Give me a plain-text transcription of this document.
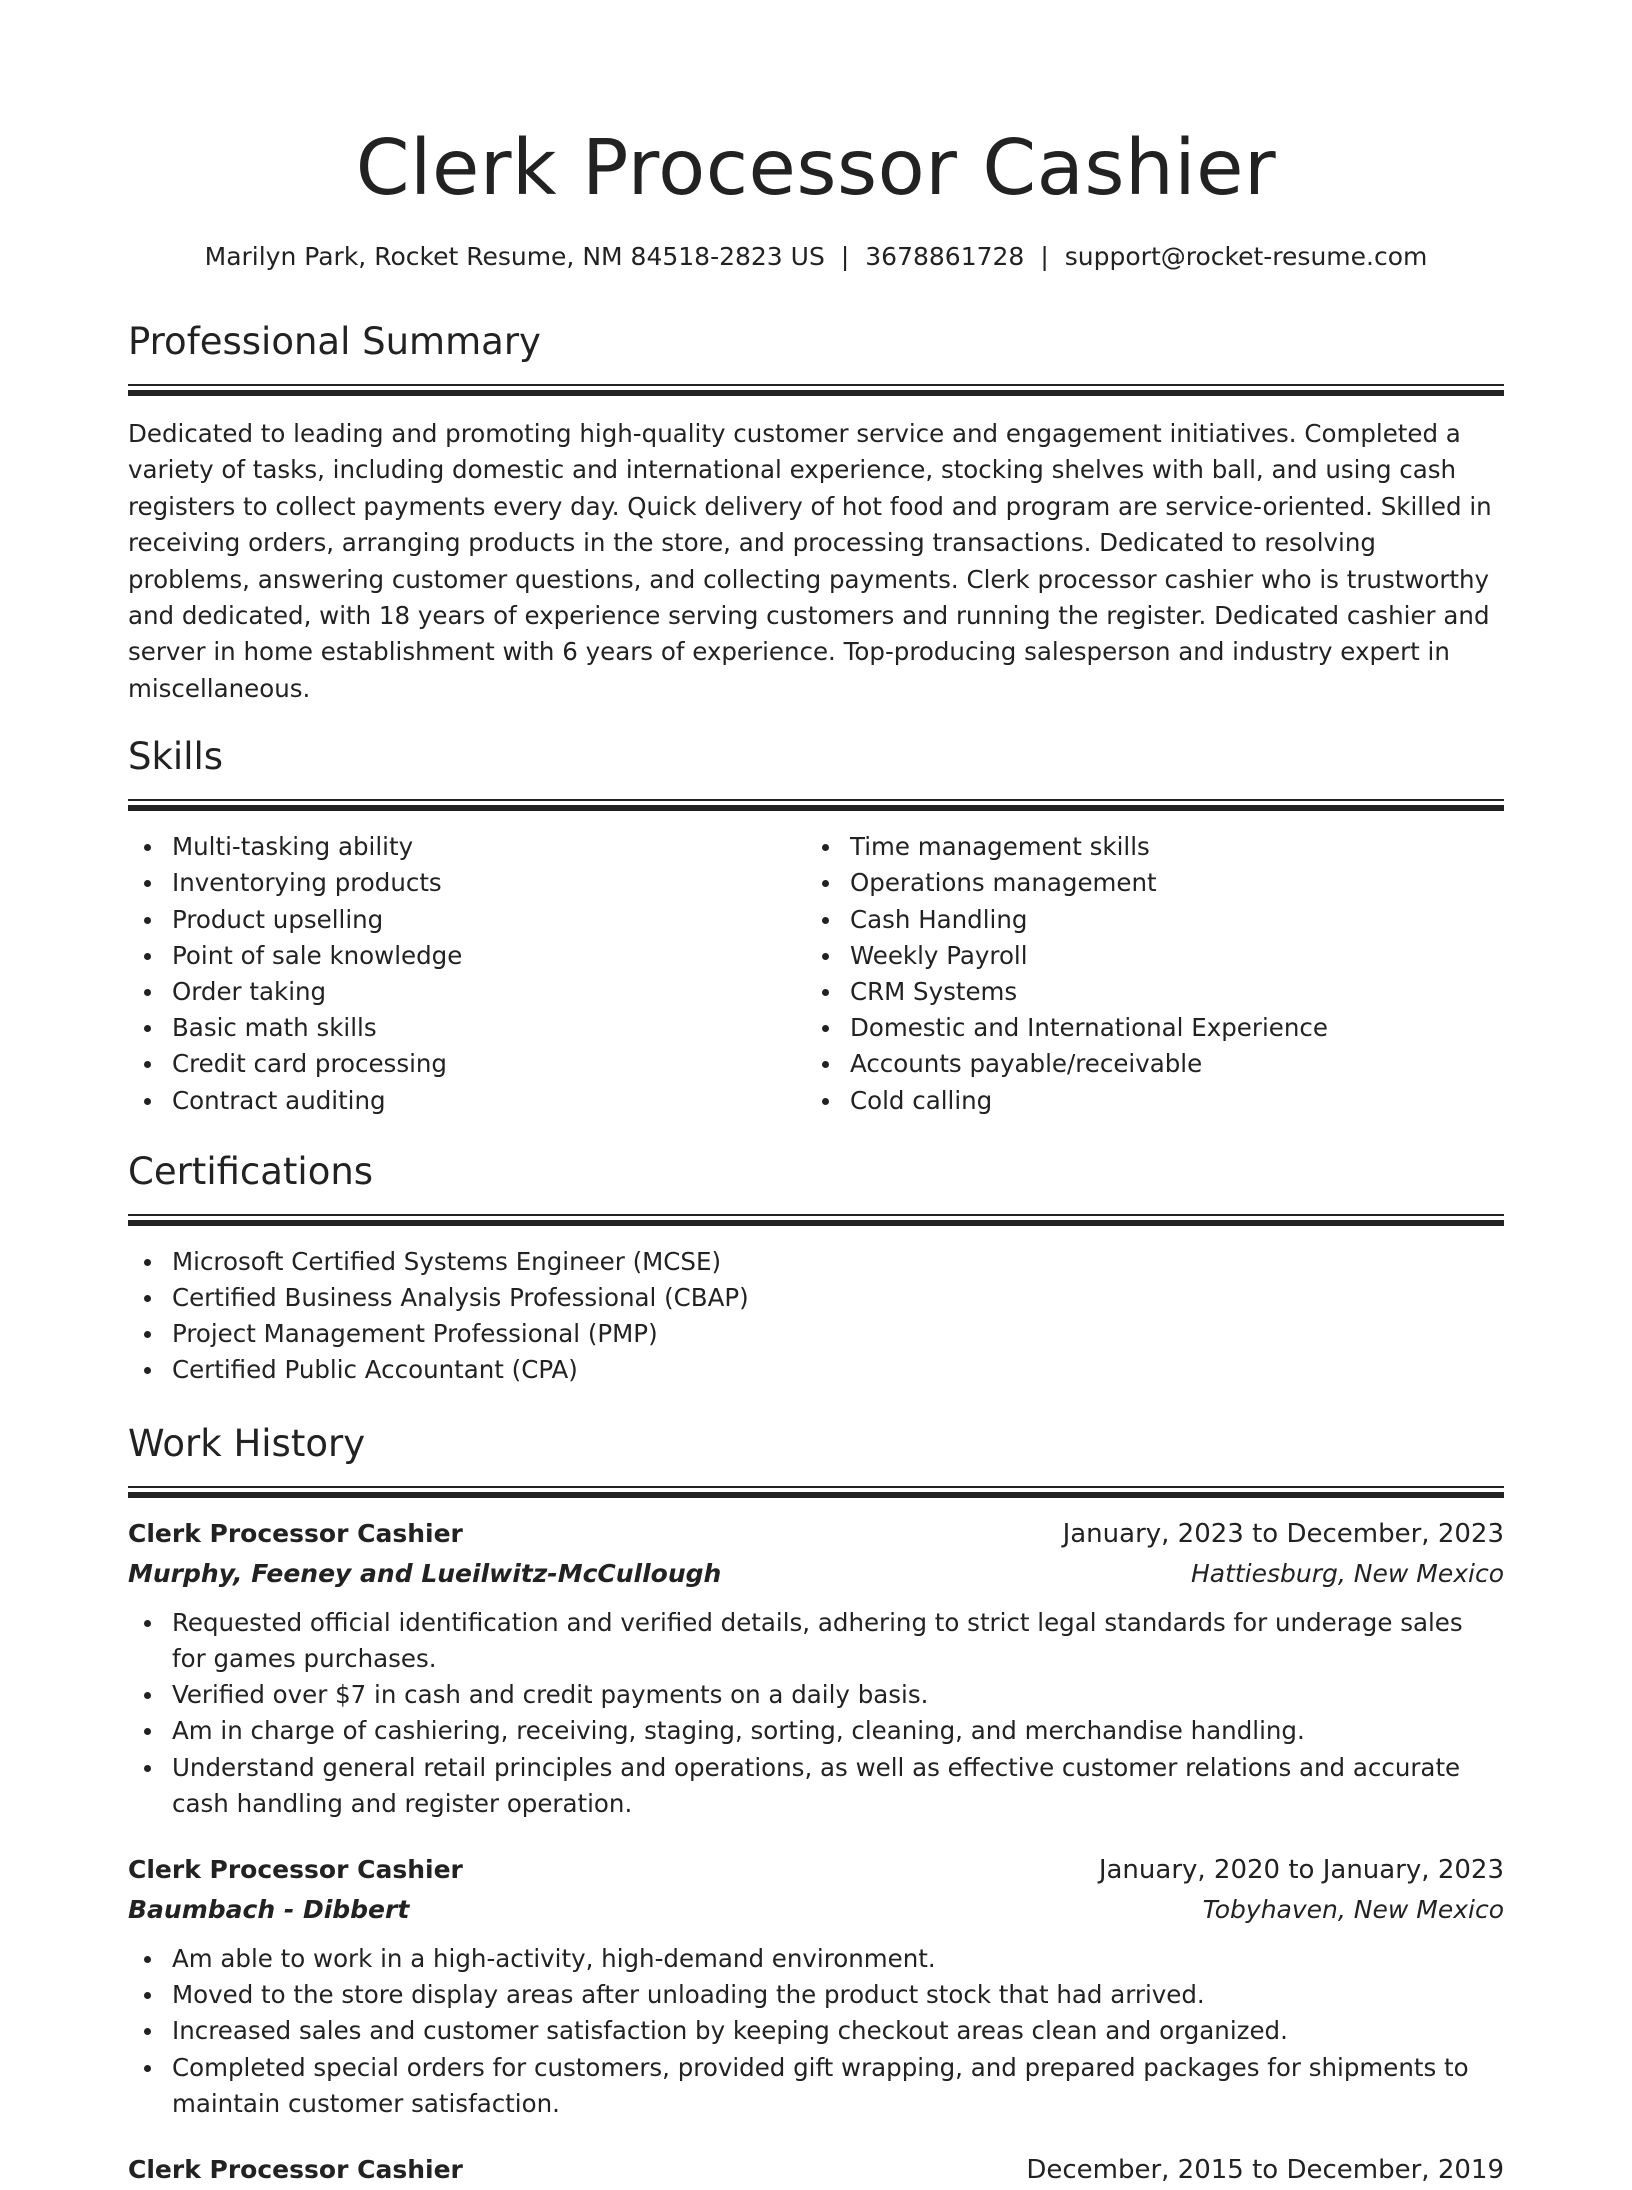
Clerk Processor Cashier
Marilyn Park, Rocket Resume, NM 84518-2823 US | 3678861728 | support@rocket-resume.com
Professional Summary
Dedicated to leading and promoting high-quality customer service and engagement initiatives. Completed a variety of tasks, including domestic and international experience, stocking shelves with ball, and using cash registers to collect payments every day. Quick delivery of hot food and program are service-oriented. Skilled in receiving orders, arranging products in the store, and processing transactions. Dedicated to resolving problems, answering customer questions, and collecting payments. Clerk processor cashier who is trustworthy and dedicated, with 18 years of experience serving customers and running the register. Dedicated cashier and server in home establishment with 6 years of experience. Top-producing salesperson and industry expert in miscellaneous.
Skills
Multi-tasking ability
Inventorying products
Product upselling
Point of sale knowledge
Order taking
Basic math skills
Credit card processing
Contract auditing
Time management skills
Operations management
Cash Handling
Weekly Payroll
CRM Systems
Domestic and International Experience
Accounts payable/receivable
Cold calling
Certifications
Microsoft Certified Systems Engineer (MCSE)
Certified Business Analysis Professional (CBAP)
Project Management Professional (PMP)
Certified Public Accountant (CPA)
Work History
Clerk Processor Cashier	January, 2023 to December, 2023
Murphy, Feeney and Lueilwitz-McCullough	Hattiesburg, New Mexico
Requested official identification and verified details, adhering to strict legal standards for underage sales for games purchases.
Verified over $7 in cash and credit payments on a daily basis.
Am in charge of cashiering, receiving, staging, sorting, cleaning, and merchandise handling.
Understand general retail principles and operations, as well as effective customer relations and accurate cash handling and register operation.
Clerk Processor Cashier	January, 2020 to January, 2023
Baumbach - Dibbert	Tobyhaven, New Mexico
Am able to work in a high-activity, high-demand environment.
Moved to the store display areas after unloading the product stock that had arrived.
Increased sales and customer satisfaction by keeping checkout areas clean and organized.
Completed special orders for customers, provided gift wrapping, and prepared packages for shipments to maintain customer satisfaction.
Clerk Processor Cashier	December, 2015 to December, 2019
